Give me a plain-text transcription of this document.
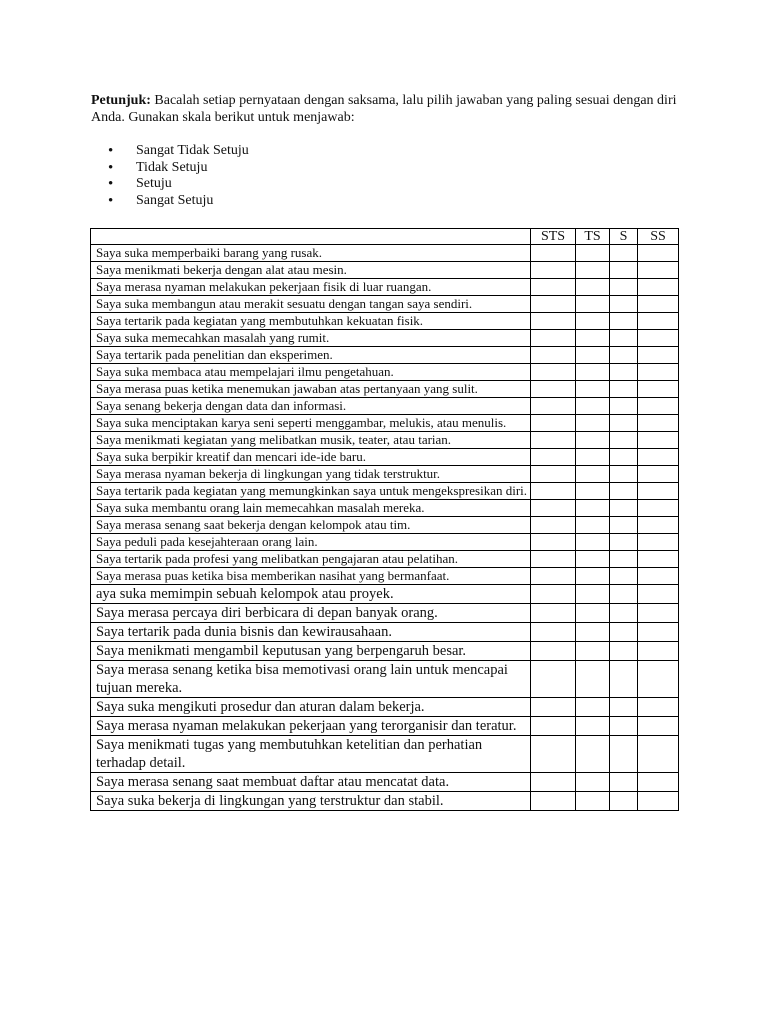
Petunjuk: Bacalah setiap pernyataan dengan saksama, lalu pilih jawaban yang paling sesuai dengan diri Anda. Gunakan skala berikut untuk menjawab:
• Sangat Tidak Setuju
• Tidak Setuju
• Setuju
• Sangat Setuju
	STS	TS	S	SS
Saya suka memperbaiki barang yang rusak.				
Saya menikmati bekerja dengan alat atau mesin.				
Saya merasa nyaman melakukan pekerjaan fisik di luar ruangan.				
Saya suka membangun atau merakit sesuatu dengan tangan saya sendiri.				
Saya tertarik pada kegiatan yang membutuhkan kekuatan fisik.				
Saya suka memecahkan masalah yang rumit.				
Saya tertarik pada penelitian dan eksperimen.				
Saya suka membaca atau mempelajari ilmu pengetahuan.				
Saya merasa puas ketika menemukan jawaban atas pertanyaan yang sulit.				
Saya senang bekerja dengan data dan informasi.				
Saya suka menciptakan karya seni seperti menggambar, melukis, atau menulis.				
Saya menikmati kegiatan yang melibatkan musik, teater, atau tarian.				
Saya suka berpikir kreatif dan mencari ide-ide baru.				
Saya merasa nyaman bekerja di lingkungan yang tidak terstruktur.				
Saya tertarik pada kegiatan yang memungkinkan saya untuk mengekspresikan diri.				
Saya suka membantu orang lain memecahkan masalah mereka.				
Saya merasa senang saat bekerja dengan kelompok atau tim.				
Saya peduli pada kesejahteraan orang lain.				
Saya tertarik pada profesi yang melibatkan pengajaran atau pelatihan.				
Saya merasa puas ketika bisa memberikan nasihat yang bermanfaat.				
aya suka memimpin sebuah kelompok atau proyek.				
Saya merasa percaya diri berbicara di depan banyak orang.				
Saya tertarik pada dunia bisnis dan kewirausahaan.				
Saya menikmati mengambil keputusan yang berpengaruh besar.				
Saya merasa senang ketika bisa memotivasi orang lain untuk mencapai tujuan mereka.				
Saya suka mengikuti prosedur dan aturan dalam bekerja.				
Saya merasa nyaman melakukan pekerjaan yang terorganisir dan teratur.				
Saya menikmati tugas yang membutuhkan ketelitian dan perhatian terhadap detail.				
Saya merasa senang saat membuat daftar atau mencatat data.				
Saya suka bekerja di lingkungan yang terstruktur dan stabil.				
